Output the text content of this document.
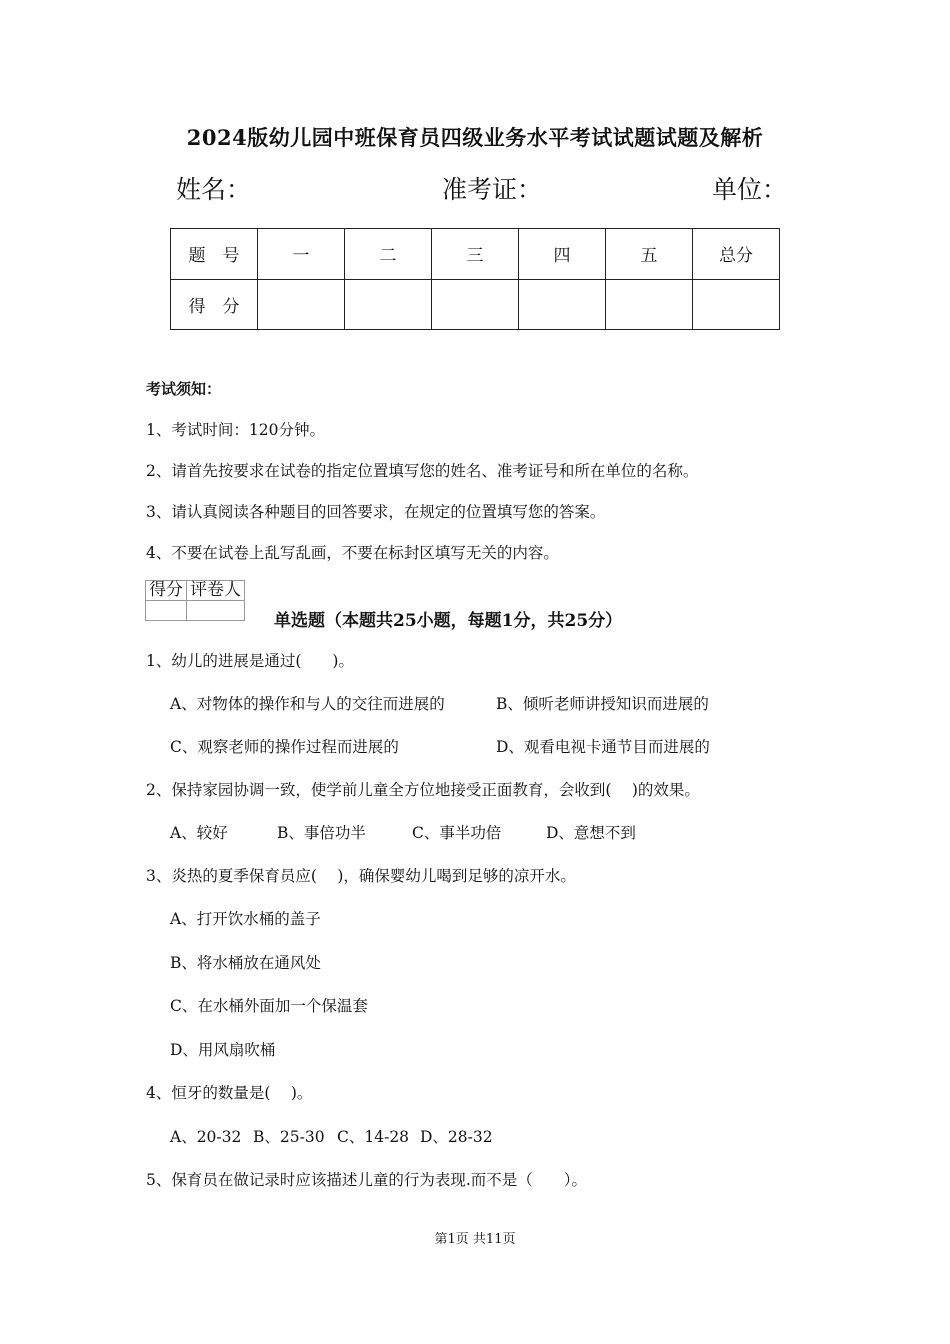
2024版幼儿园中班保育员四级业务水平考试试题试题及解析
姓名：	准考证：	单位：
题　号	一	二	三	四	五	总分
得　分						
考试须知：
1、考试时间：120分钟。
2、请首先按要求在试卷的指定位置填写您的姓名、准考证号和所在单位的名称。
3、请认真阅读各种题目的回答要求，在规定的位置填写您的答案。
4、不要在试卷上乱写乱画，不要在标封区填写无关的内容。
得分	评卷人

单选题（本题共25小题，每题1分，共25分）
1、幼儿的进展是通过(　　)。
A、对物体的操作和与人的交往而进展的	B、倾听老师讲授知识而进展的
C、观察老师的操作过程而进展的	D、观看电视卡通节目而进展的
2、保持家园协调一致，使学前儿童全方位地接受正面教育，会收到(　 )的效果。
A、较好	B、事倍功半	C、事半功倍	D、意想不到
3、炎热的夏季保育员应(　 )，确保婴幼儿喝到足够的凉开水。
A、打开饮水桶的盖子
B、将水桶放在通风处
C、在水桶外面加一个保温套
D、用风扇吹桶
4、恒牙的数量是(　 )。
A、20-32 B、25-30 C、14-28 D、28-32
5、保育员在做记录时应该描述儿童的行为表现.而不是（　　）。
第1页 共11页
